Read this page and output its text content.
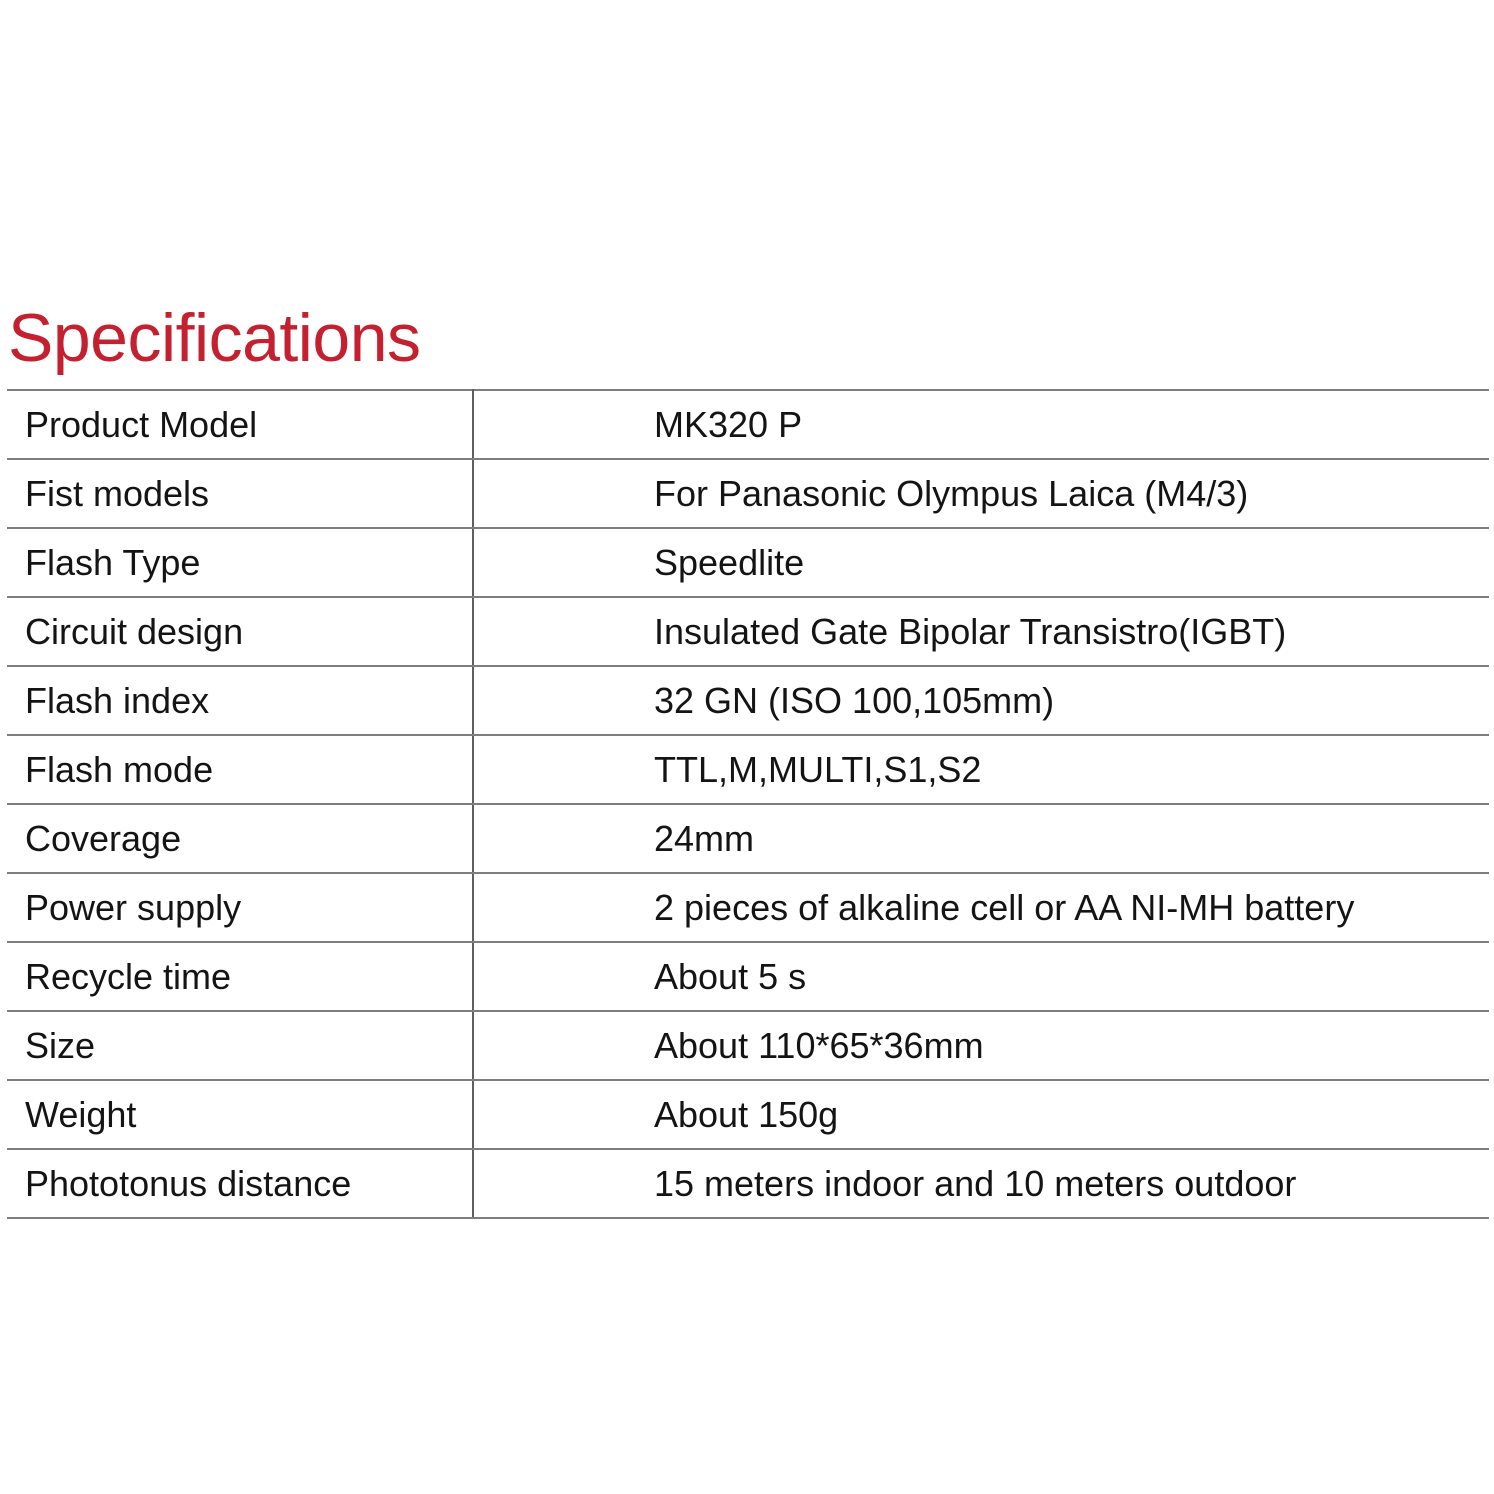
Specifications
Product Model	MK320 P
Fist models	For Panasonic Olympus Laica (M4/3)
Flash Type	Speedlite
Circuit design	Insulated Gate Bipolar Transistro(IGBT)
Flash index	32 GN (ISO 100,105mm)
Flash mode	TTL,M,MULTI,S1,S2
Coverage	24mm
Power supply	2 pieces of alkaline cell or AA NI-MH battery
Recycle time	About 5 s
Size	About 110*65*36mm
Weight	About 150g
Phototonus distance	15 meters indoor and 10 meters outdoor
